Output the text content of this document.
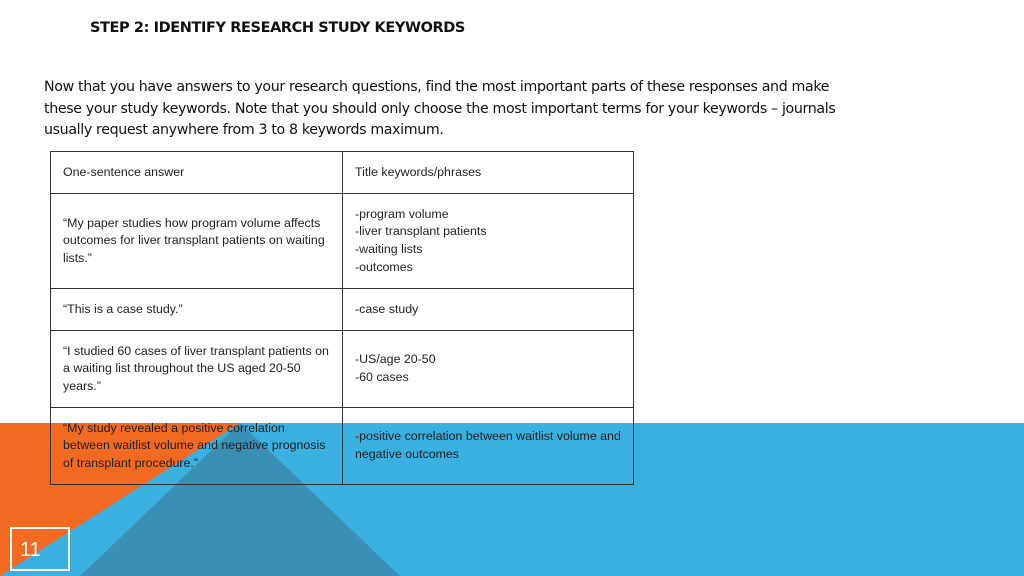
STEP 2: IDENTIFY RESEARCH STUDY KEYWORDS

Now that you have answers to your research questions, find the most important parts of these responses and make these your study keywords. Note that you should only choose the most important terms for your keywords – journals usually request anywhere from 3 to 8 keywords maximum.

One-sentence answer	Title keywords/phrases
“My paper studies how program volume affects outcomes for liver transplant patients on waiting lists.”	-program volume
-liver transplant patients
-waiting lists
-outcomes

“This is a case study.”	-case study

“I studied 60 cases of liver transplant patients on a waiting list throughout the US aged 20-50 years.”	-US/age 20-50
-60 cases

“My study revealed a positive correlation between waitlist volume and negative prognosis of transplant procedure.”	-positive correlation between waitlist volume and negative outcomes
11
